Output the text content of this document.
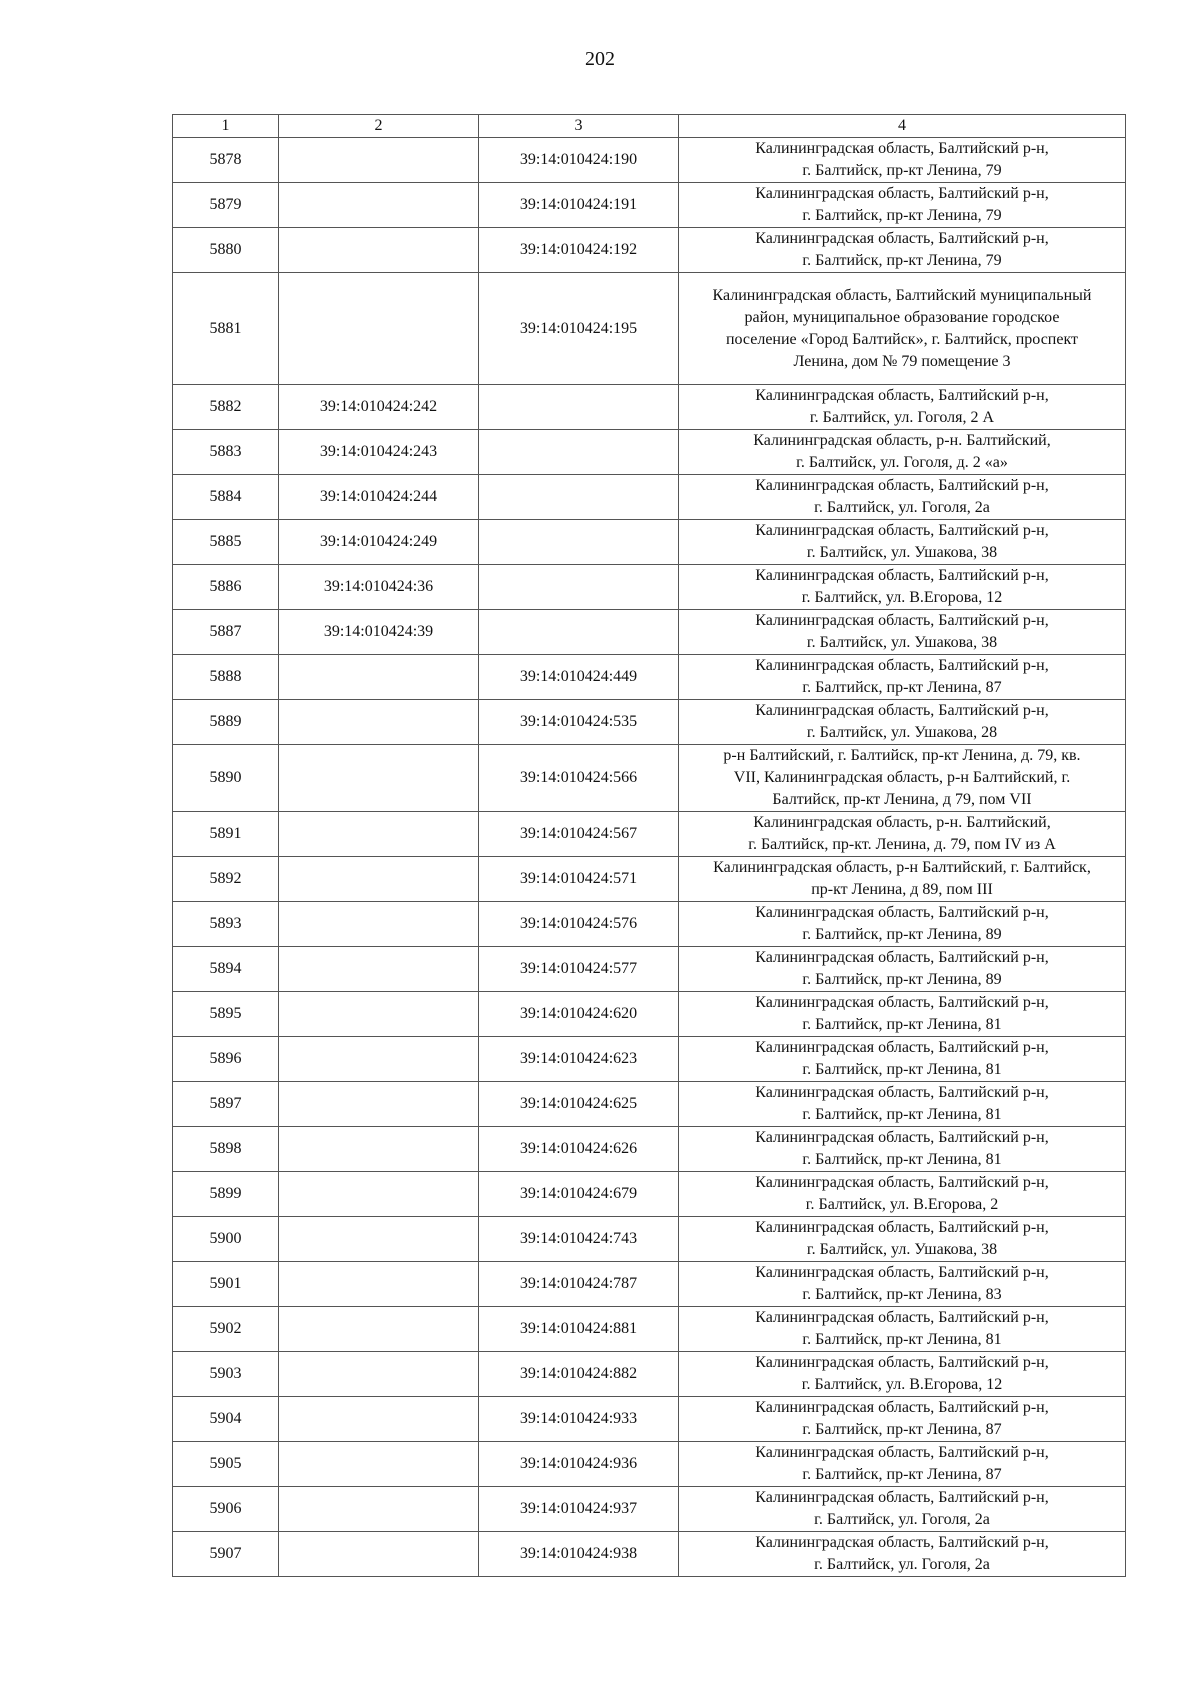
202
1	2	3	4
5878		39:14:010424:190	Калининградская область, Балтийский р-н,
г. Балтийск, пр-кт Ленина, 79
5879		39:14:010424:191	Калининградская область, Балтийский р-н,
г. Балтийск, пр-кт Ленина, 79
5880		39:14:010424:192	Калининградская область, Балтийский р-н,
г. Балтийск, пр-кт Ленина, 79
5881		39:14:010424:195	Калининградская область, Балтийский муниципальный
район, муниципальное образование городское
поселение «Город Балтийск», г. Балтийск, проспект
Ленина, дом № 79 помещение 3
5882	39:14:010424:242		Калининградская область, Балтийский р-н,
г. Балтийск, ул. Гоголя, 2 А
5883	39:14:010424:243		Калининградская область, р-н. Балтийский,
г. Балтийск, ул. Гоголя, д. 2 «а»
5884	39:14:010424:244		Калининградская область, Балтийский р-н,
г. Балтийск, ул. Гоголя, 2а
5885	39:14:010424:249		Калининградская область, Балтийский р-н,
г. Балтийск, ул. Ушакова, 38
5886	39:14:010424:36		Калининградская область, Балтийский р-н,
г. Балтийск, ул. В.Егорова, 12
5887	39:14:010424:39		Калининградская область, Балтийский р-н,
г. Балтийск, ул. Ушакова, 38
5888		39:14:010424:449	Калининградская область, Балтийский р-н,
г. Балтийск, пр-кт Ленина, 87
5889		39:14:010424:535	Калининградская область, Балтийский р-н,
г. Балтийск, ул. Ушакова, 28
5890		39:14:010424:566	р-н Балтийский, г. Балтийск, пр-кт Ленина, д. 79, кв.
VII, Калининградская область, р-н Балтийский, г.
Балтийск, пр-кт Ленина, д 79, пом VII
5891		39:14:010424:567	Калининградская область, р-н. Балтийский,
г. Балтийск, пр-кт. Ленина, д. 79, пом IV из А
5892		39:14:010424:571	Калининградская область, р-н Балтийский, г. Балтийск,
пр-кт Ленина, д 89, пом III
5893		39:14:010424:576	Калининградская область, Балтийский р-н,
г. Балтийск, пр-кт Ленина, 89
5894		39:14:010424:577	Калининградская область, Балтийский р-н,
г. Балтийск, пр-кт Ленина, 89
5895		39:14:010424:620	Калининградская область, Балтийский р-н,
г. Балтийск, пр-кт Ленина, 81
5896		39:14:010424:623	Калининградская область, Балтийский р-н,
г. Балтийск, пр-кт Ленина, 81
5897		39:14:010424:625	Калининградская область, Балтийский р-н,
г. Балтийск, пр-кт Ленина, 81
5898		39:14:010424:626	Калининградская область, Балтийский р-н,
г. Балтийск, пр-кт Ленина, 81
5899		39:14:010424:679	Калининградская область, Балтийский р-н,
г. Балтийск, ул. В.Егорова, 2
5900		39:14:010424:743	Калининградская область, Балтийский р-н,
г. Балтийск, ул. Ушакова, 38
5901		39:14:010424:787	Калининградская область, Балтийский р-н,
г. Балтийск, пр-кт Ленина, 83
5902		39:14:010424:881	Калининградская область, Балтийский р-н,
г. Балтийск, пр-кт Ленина, 81
5903		39:14:010424:882	Калининградская область, Балтийский р-н,
г. Балтийск, ул. В.Егорова, 12
5904		39:14:010424:933	Калининградская область, Балтийский р-н,
г. Балтийск, пр-кт Ленина, 87
5905		39:14:010424:936	Калининградская область, Балтийский р-н,
г. Балтийск, пр-кт Ленина, 87
5906		39:14:010424:937	Калининградская область, Балтийский р-н,
г. Балтийск, ул. Гоголя, 2а
5907		39:14:010424:938	Калининградская область, Балтийский р-н,
г. Балтийск, ул. Гоголя, 2а
